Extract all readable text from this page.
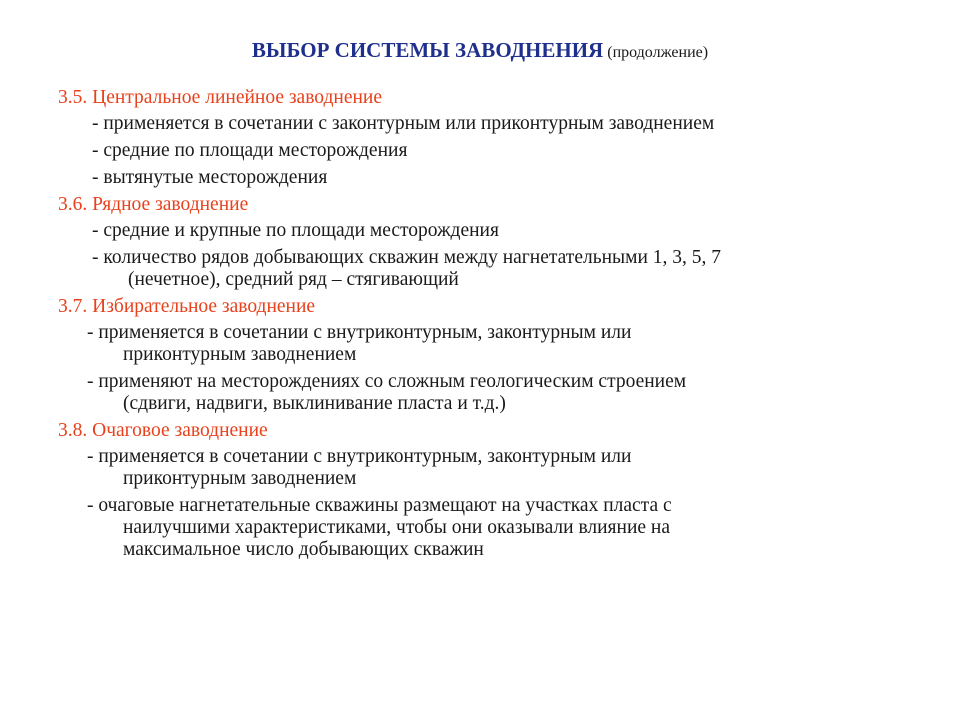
ВЫБОР СИСТЕМЫ ЗАВОДНЕНИЯ (продолжение)
3.5. Центральное линейное заводнение
- применяется в сочетании с законтурным или приконтурным заводнением
- средние по площади месторождения
- вытянутые месторождения
3.6. Рядное заводнение
- средние и крупные по площади месторождения
- количество рядов добывающих скважин между нагнетательными 1, 3, 5, 7
(нечетное), средний ряд – стягивающий
3.7. Избирательное заводнение
- применяется в сочетании с внутриконтурным, законтурным или
приконтурным заводнением
- применяют на месторождениях со сложным геологическим строением
(сдвиги, надвиги, выклинивание пласта и т.д.)
3.8. Очаговое заводнение
- применяется в сочетании с внутриконтурным, законтурным или
приконтурным заводнением
- очаговые нагнетательные скважины размещают на участках пласта с
наилучшими характеристиками, чтобы они оказывали влияние на
максимальное число добывающих скважин
